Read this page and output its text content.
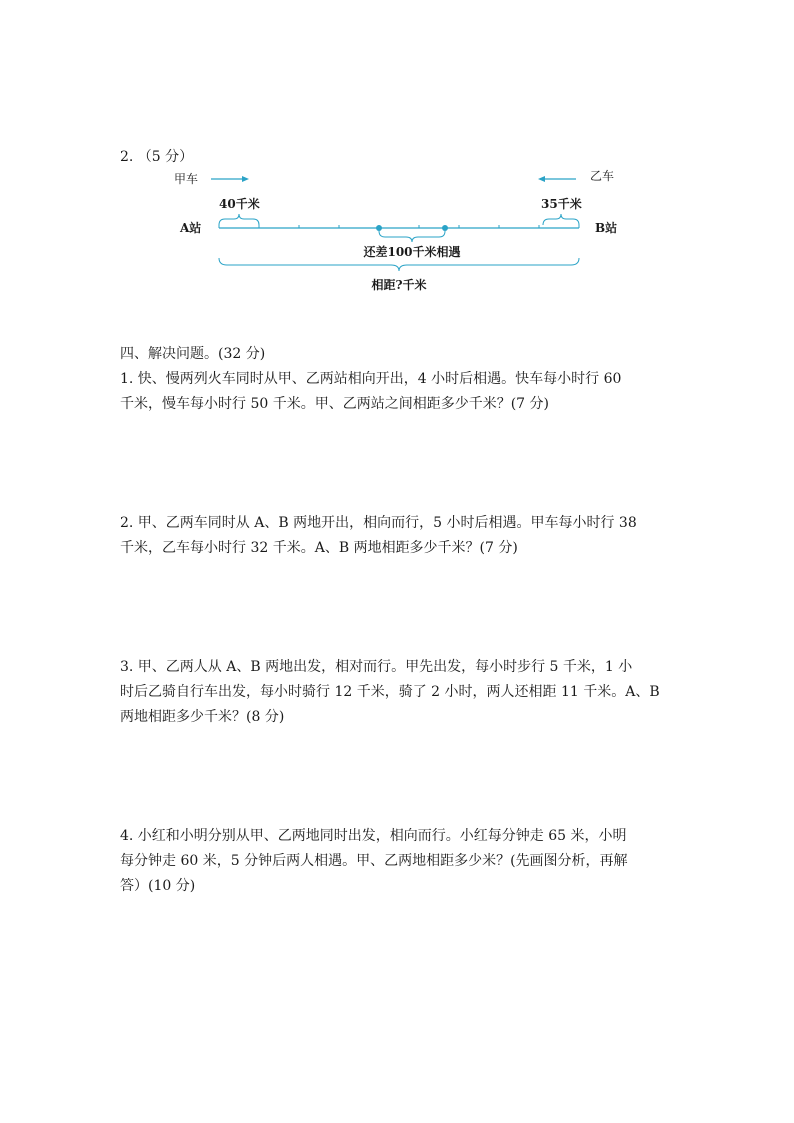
2. （5 分）
甲车	乙车
40千米	35千米
A站	B站
还差100千米相遇
相距?千米
四、解决问题。(32 分)
1. 快、慢两列火车同时从甲、乙两站相向开出，4 小时后相遇。快车每小时行 60
千米，慢车每小时行 50 千米。甲、乙两站之间相距多少千米？(7 分)
2. 甲、乙两车同时从 A、B 两地开出，相向而行，5 小时后相遇。甲车每小时行 38
千米，乙车每小时行 32 千米。A、B 两地相距多少千米？(7 分)
3. 甲、乙两人从 A、B 两地出发，相对而行。甲先出发，每小时步行 5 千米，1 小
时后乙骑自行车出发，每小时骑行 12 千米，骑了 2 小时，两人还相距 11 千米。A、B
两地相距多少千米？(8 分)
4. 小红和小明分别从甲、乙两地同时出发，相向而行。小红每分钟走 65 米，小明
每分钟走 60 米，5 分钟后两人相遇。甲、乙两地相距多少米？(先画图分析，再解
答）(10 分)
